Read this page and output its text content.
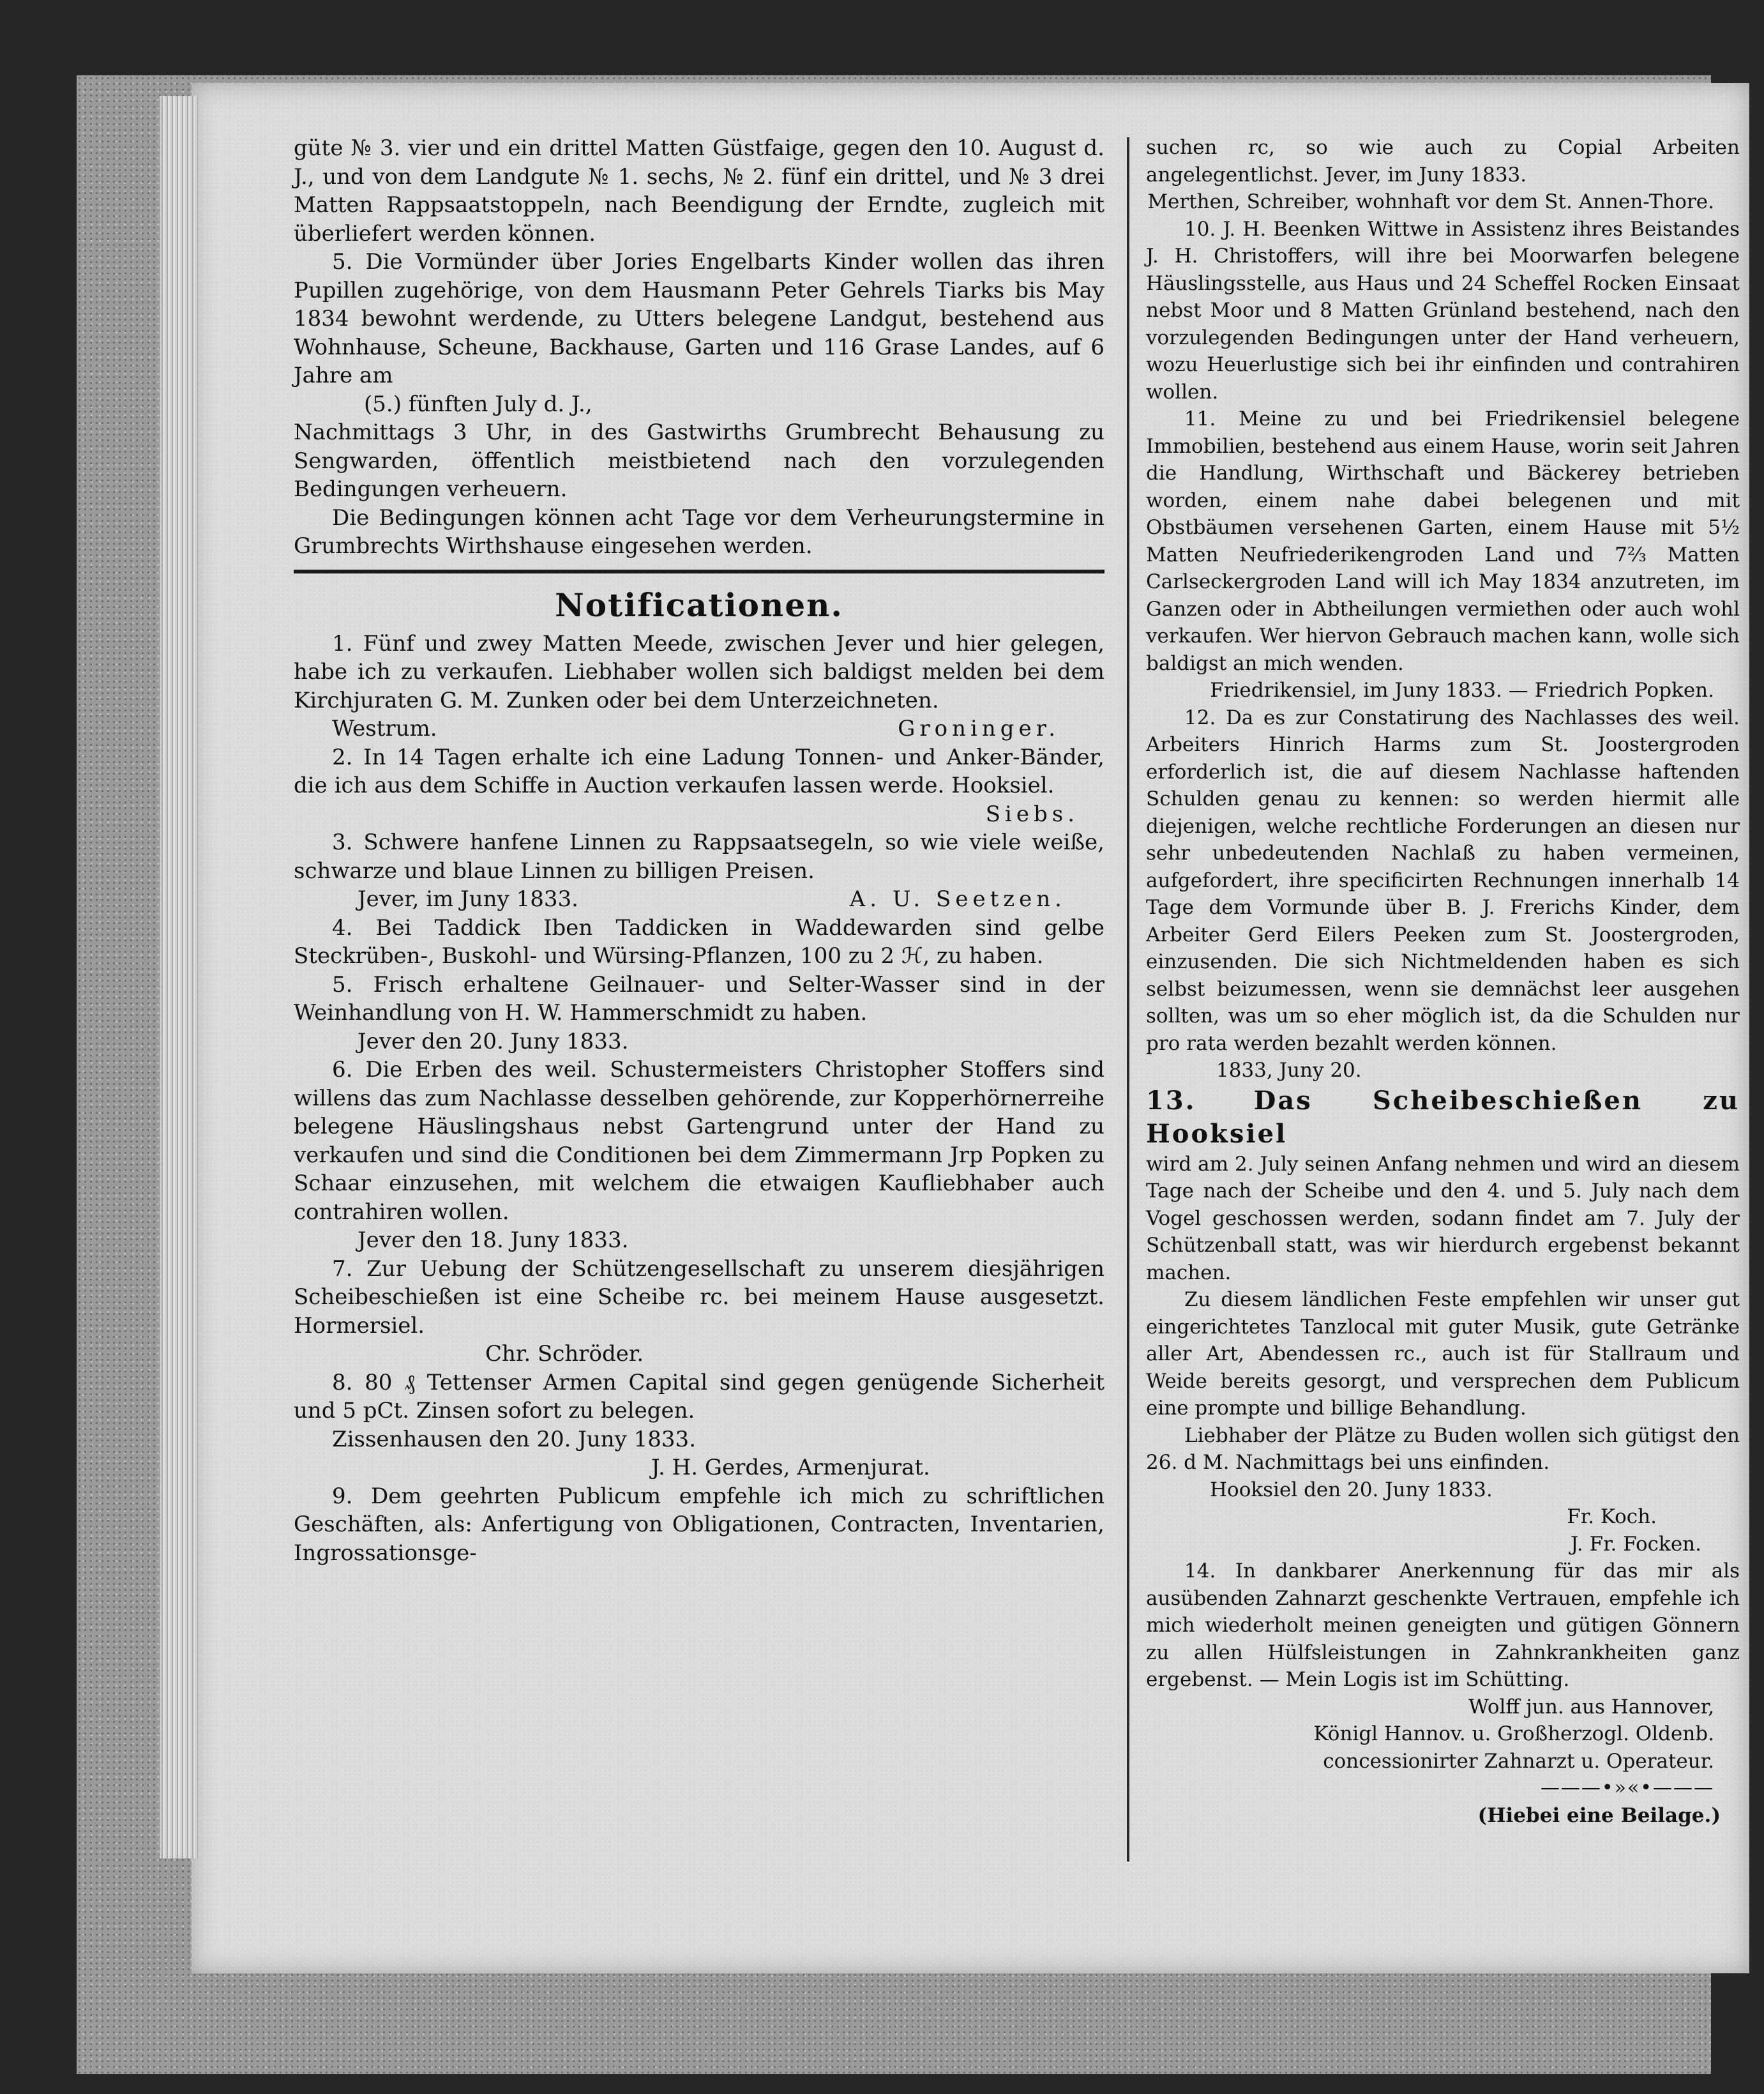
güte № 3. vier und ein drittel Matten Güstfaige, gegen den 10. August d. J., und von dem Landgute № 1. sechs, № 2. fünf ein drittel, und № 3 drei Matten Rappsaatstoppeln, nach Beendigung der Erndte, zugleich mit überliefert werden können.

5. Die Vormünder über Jories Engelbarts Kinder wollen das ihren Pupillen zugehörige, von dem Hausmann Peter Gehrels Tiarks bis May 1834 bewohnt werdende, zu Utters belegene Landgut, bestehend aus Wohnhause, Scheune, Backhause, Garten und 116 Grase Landes, auf 6 Jahre am

(5.) fünften July d. J.,

Nachmittags 3 Uhr, in des Gastwirths Grumbrecht Behausung zu Sengwarden, öffentlich meistbietend nach den vorzulegenden Bedingungen verheuern.

Die Bedingungen können acht Tage vor dem Verheurungstermine in Grumbrechts Wirthshause eingesehen werden.

Notificationen.

1. Fünf und zwey Matten Meede, zwischen Jever und hier gelegen, habe ich zu verkaufen. Liebhaber wollen sich baldigst melden bei dem Kirchjuraten G. M. Zunken oder bei dem Unterzeichneten.

Westrum.	Groninger.

2. In 14 Tagen erhalte ich eine Ladung Tonnen- und Anker-Bänder, die ich aus dem Schiffe in Auction verkaufen lassen werde. Hooksiel.

Siebs.

3. Schwere hanfene Linnen zu Rappsaatsegeln, so wie viele weiße, schwarze und blaue Linnen zu billigen Preisen.

Jever, im Juny 1833.	A. U. Seetzen.

4. Bei Taddick Iben Taddicken in Waddewarden sind gelbe Steckrüben-, Buskohl- und Würsing-Pflanzen, 100 zu 2 ℋ, zu haben.

5. Frisch erhaltene Geilnauer- und Selter-Wasser sind in der Weinhandlung von H. W. Hammerschmidt zu haben.

Jever den 20. Juny 1833.

6. Die Erben des weil. Schustermeisters Christopher Stoffers sind willens das zum Nachlasse desselben gehörende, zur Kopperhörnerreihe belegene Häuslingshaus nebst Gartengrund unter der Hand zu verkaufen und sind die Conditionen bei dem Zimmermann Jrp Popken zu Schaar einzusehen, mit welchem die etwaigen Kaufliebhaber auch contrahiren wollen.

Jever den 18. Juny 1833.

7. Zur Uebung der Schützengesellschaft zu unserem diesjährigen Scheibeschießen ist eine Scheibe rc. bei meinem Hause ausgesetzt. Hormersiel.

Chr. Schröder.

8. 80 ₰ Tettenser Armen Capital sind gegen genügende Sicherheit und 5 pCt. Zinsen sofort zu belegen.

Zissenhausen den 20. Juny 1833.

J. H. Gerdes, Armenjurat.

9. Dem geehrten Publicum empfehle ich mich zu schriftlichen Geschäften, als: Anfertigung von Obligationen, Contracten, Inventarien, Ingrossationsge-

suchen rc, so wie auch zu Copial Arbeiten angelegentlichst. Jever, im Juny 1833.

Merthen, Schreiber, wohnhaft vor dem St. Annen-Thore.

10. J. H. Beenken Wittwe in Assistenz ihres Beistandes J. H. Christoffers, will ihre bei Moorwarfen belegene Häuslingsstelle, aus Haus und 24 Scheffel Rocken Einsaat nebst Moor und 8 Matten Grünland bestehend, nach den vorzulegenden Bedingungen unter der Hand verheuern, wozu Heuerlustige sich bei ihr einfinden und contrahiren wollen.

11. Meine zu und bei Friedrikensiel belegene Immobilien, bestehend aus einem Hause, worin seit Jahren die Handlung, Wirthschaft und Bäckerey betrieben worden, einem nahe dabei belegenen und mit Obstbäumen versehenen Garten, einem Hause mit 5½ Matten Neufriederikengroden Land und 7⅔ Matten Carlseckergroden Land will ich May 1834 anzutreten, im Ganzen oder in Abtheilungen vermiethen oder auch wohl verkaufen. Wer hiervon Gebrauch machen kann, wolle sich baldigst an mich wenden.

Friedrikensiel, im Juny 1833. — Friedrich Popken.

12. Da es zur Constatirung des Nachlasses des weil. Arbeiters Hinrich Harms zum St. Joostergroden erforderlich ist, die auf diesem Nachlasse haftenden Schulden genau zu kennen: so werden hiermit alle diejenigen, welche rechtliche Forderungen an diesen nur sehr unbedeutenden Nachlaß zu haben vermeinen, aufgefordert, ihre specificirten Rechnungen innerhalb 14 Tage dem Vormunde über B. J. Frerichs Kinder, dem Arbeiter Gerd Eilers Peeken zum St. Joostergroden, einzusenden. Die sich Nichtmeldenden haben es sich selbst beizumessen, wenn sie demnächst leer ausgehen sollten, was um so eher möglich ist, da die Schulden nur pro rata werden bezahlt werden können.

1833, Juny 20.

13. Das Scheibeschießen zu Hooksiel

wird am 2. July seinen Anfang nehmen und wird an diesem Tage nach der Scheibe und den 4. und 5. July nach dem Vogel geschossen werden, sodann findet am 7. July der Schützenball statt, was wir hierdurch ergebenst bekannt machen.

Zu diesem ländlichen Feste empfehlen wir unser gut eingerichtetes Tanzlocal mit guter Musik, gute Getränke aller Art, Abendessen rc., auch ist für Stallraum und Weide bereits gesorgt, und versprechen dem Publicum eine prompte und billige Behandlung.

Liebhaber der Plätze zu Buden wollen sich gütigst den 26. d M. Nachmittags bei uns einfinden.

Hooksiel den 20. Juny 1833.

Fr. Koch.

J. Fr. Focken.

14. In dankbarer Anerkennung für das mir als ausübenden Zahnarzt geschenkte Vertrauen, empfehle ich mich wiederholt meinen geneigten und gütigen Gönnern zu allen Hülfsleistungen in Zahnkrankheiten ganz ergebenst. — Mein Logis ist im Schütting.

Wolff jun. aus Hannover,

Königl Hannov. u. Großherzogl. Oldenb.

concessionirter Zahnarzt u. Operateur.

———•»«•———

(Hiebei eine Beilage.)
